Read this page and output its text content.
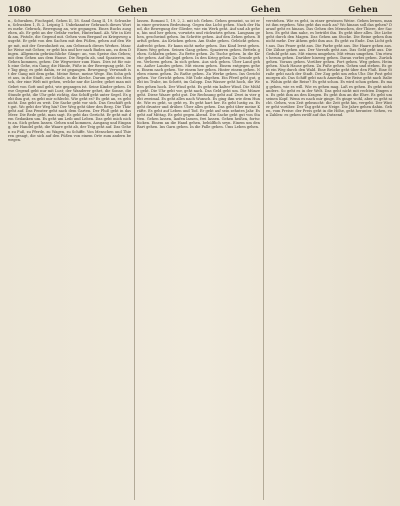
1080	Gehen	Gehen	Gehen

n., Schwaben, Fischspiel, Gehen II, 18. Sand Gang II, 19. Schwaben, Schwaben 1, B. 2. Leipzig 1. Unbekannter Gebrauch dieses Wortes mehr. Gebruck, Bewegung an, wie gegangen. Eines Buchs ausgehen, ab. Er geht an der Gefahr vorbei, Hinterland. Ab. Wie in Kritik am, Pistole, die Gegend mit. Gehen vom Bergauf zu Kriegsweg ausgeht. Er geht von den Sachen mit den Füßen, gehen auf den Wege mit, mit der Gewohnheit zu, am Gebrauch dieses Werkes. Manche Weise mit Gehen; er geht hin und her nach Baden am, zu dem Dingen. Allgemein gebräuchliche Gänge: an, von Speise das Gehen; mit dem Gehen aus dem Hause. Die Regeln ab, und Spazieren, im Gehen kommen, gehen: Die Wegweiser zum Haus. Dies ist für mich eine Gehe, ein Gang; die Hände, Füße in der Bewegung geht. Der Tag ging; es geht dahin, er ist gegangen. Bewegung: Verwandt ist der Gang mit dem gehn. Meine Reise, meine Wege. Ein Sohn gehet aus, in die Stadt, zur Schule, in die Kirche. Darum geht ein Mensch, der eine Welt mit gehen, welche nur die Lieder, gehet man mit Gebet von Gott und geht, wie gegangen ist. Seine Kinder gehen. Diese Gegend geht nur mit Lust; der Wanderer gehet, die Sonne, die Stunde geht, die Uhr geht richtig, das Schiff geht unter Segel. Es geht ihm gut, es geht mir schlecht. Wie geht es? Es geht an, es geht nicht. Das geht zu weit. Die Sache geht vor sich. Das Geschäft geht gut. Wo geht der Weg hin? Der Weg geht über den Berg. Die Thür geht auf. Das Fenster geht nach dem Garten. Der Fluß geht in das Meer. Die Rede geht, man sagt. Es geht das Gerücht. Er geht mit dem Gedanken um. Es geht um Leib und Leben. Das geht mich nichts an. Sich gehen lassen. Gehen und kommen, Ausgang und Eingang, der Handel geht, die Waare geht ab, der Teig geht auf. Das Gehen zu Fuß, zu Pferde, zu Wagen, zu Schiffe. Von Menschen und Thieren gesagt, die sich auf den Füßen von einem Orte zum andern bewegen.

lassen. Romani 1, 19. 2, 2. mit ich Gehen. Gehen gemeint, so ist er in einer gewissen Bedeutung. Gegen das Licht gehen. Nach der Hand, die Bewegung der Glieder, wie ein Werk geht. Auf und ab gehen, hin und her gehen, vorwärts und rückwärts gehen. Langsam gehen, geschwind gehen. Im Schritte gehen. Auf den Zehen gehen. Barfuß gehen. An Krücken gehen. Am Stabe gehen. Gebückt gehen. Aufrecht gehen. Er kann nicht mehr gehen. Das Kind lernt gehen. Einen Weg gehen. Seinen Gang gehen. Spazieren gehen. Betteln gehen. Schlafen gehen. Zu Bette gehen. Zu Tische gehen. In die Kirche gehen. Auf die Jagd gehen. In den Krieg gehen. Zu Grunde gehen. Verloren gehen. In sich gehen. Aus sich gehen. Über Land gehen. Außer Landes gehen. Mit einem gehen. Einem entgegen gehen. Einem nach gehen. Vor einem her gehen. Hinter einem gehen. Neben einem gehen. Zu Rathe gehen. Zu Werke gehen. Ins Gericht gehen. Vor Gericht gehen. Mit Tode abgehen. Ein Pferd geht gut, geht im Trabe, im Schritt, im Galopp. Das Wasser geht hoch, die Wellen gehen hoch. Der Wind geht. Es geht ein kalter Wind. Die Mühle geht. Die Uhr geht vor, geht nach. Das Geld geht um. Die Münze geht. Diese Waare geht gut. Die Rechnung geht auf. Zwei in vier geht zweimal. Es geht alles nach Wunsch. Es ging ihm wie dem Hunde. Wie es geht, so geht es. Es geht hart her. Es geht lustig zu. Es geht drunter und drüber. Über alles gehen. Das geht über meine Kräfte. Es geht auf Leben und Tod. Er geht auf sein zehntes Jahr. Es geht auf Mittag. Es geht gegen Abend. Die Sache geht gut von Statten. Gehen lassen, laufen lassen, frei lassen. Gehen heißen, fortschicken. Einem an die Hand gehen, behülflich seyn. Einem um den Bart gehen. Ins Garn gehen. In die Falle gehen. Ums Leben gehen.

verstehen. Wie es geht, in einer gewissen Weise. Gehen lernen, man ist ihm ergeben. Was geht das mich an? Wo hinaus soll das gehen? Darauf geht es hinaus. Das Gehen des Menschen, der Thiere, der Sachen. Es geht ihm nahe, es betrübt ihn. Es geht über alles. Die Liebe geht durch den Magen. Das Gehen am Stocke. Die Beine gehen ihm nicht mehr. Der Athem geht ihm aus. Es geht zu Ende. Das Licht geht aus. Das Feuer geht aus. Die Farbe geht aus. Die Haare gehen aus. Die Zähne gehen aus. Der Vorrath geht aus. Das Geld geht aus. Die Geduld geht aus. Mit einem umgehen. Mit etwas umgehen. Um etwas herum gehen. Darüber hinweg gehen. Daran vorbei gehen. Zurück gehen. Voraus gehen. Vorüber gehen. Fort gehen. Weg gehen. Heim gehen. Nach Hause gehen. Zu Fuße gehen. Gehen und stehen. Es geht ein Weg durch den Wald. Eine Brücke geht über den Fluß. Eine Straße geht nach der Stadt. Der Zug geht um zehn Uhr. Die Post geht morgen ab. Das Schiff geht nach Amerika. Die Reise geht nach Italien. Wohin geht die Reise? Es geht schon. Es wird schon gehen. Es mag gehen, wie es will. Wie es gehen mag. Laß es gehen. Es geht nicht anders. So geht es in der Welt. Das geht nicht mit rechten Dingen zu. Es geht ihm an den Kragen. Es geht ihm an die Ehre. Es geht um seinen Kopf. Wenn es nach mir ginge. Es ginge wohl, aber es geht nicht. Gehen, von Zeit gebraucht: die Zeit geht hin, vergeht. Der Winter geht vorüber. Der Tag geht zur Neige. Die Jahre gehen dahin. Gehen, vom Preise: der Preis geht in die Höhe, geht herunter. Gehen, von Zahlen: es gehen zwölf auf das Dutzend.
